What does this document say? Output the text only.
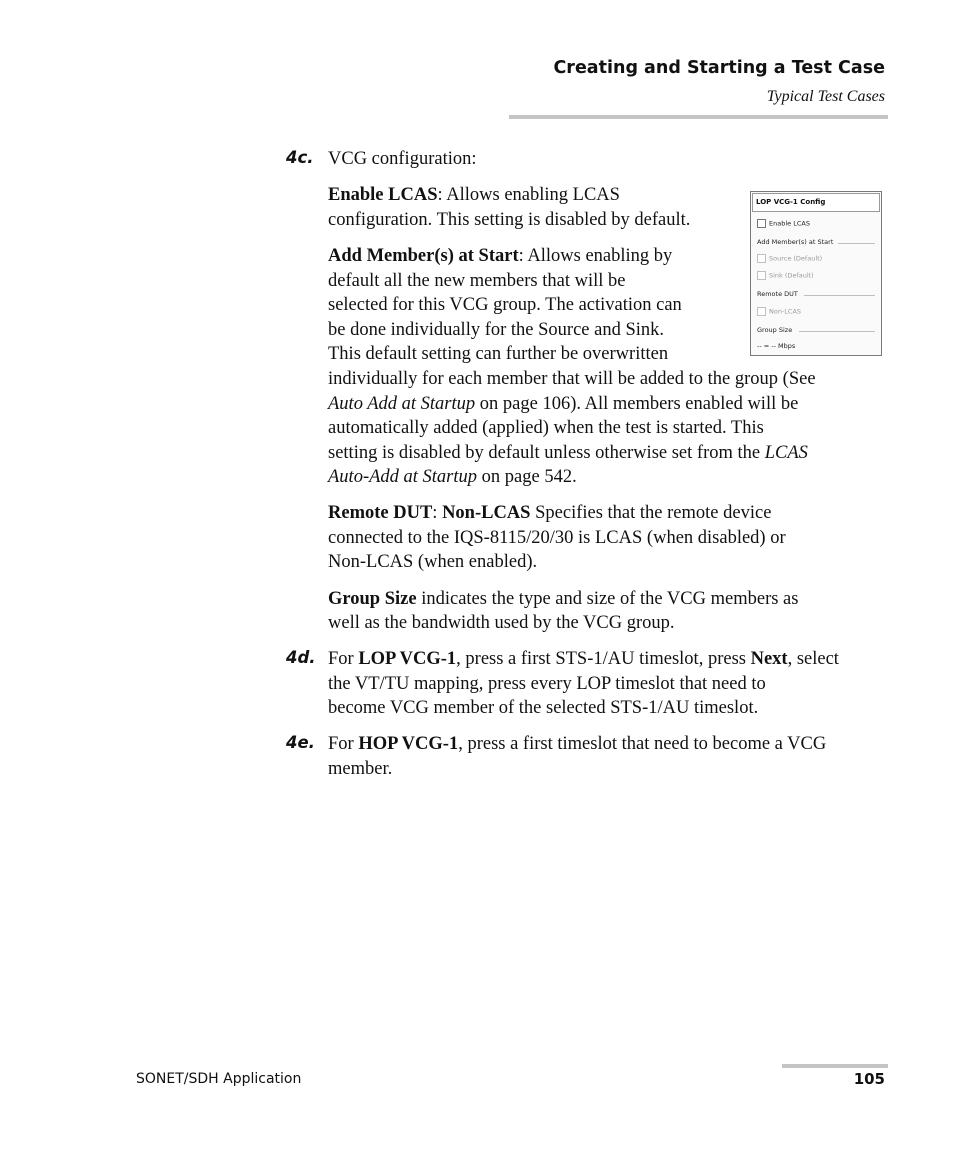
Creating and Starting a Test Case
Typical Test Cases
4c. VCG configuration:

Enable LCAS: Allows enabling LCAS

configuration. This setting is disabled by default.

Add Member(s) at Start: Allows enabling by

default all the new members that will be

selected for this VCG group. The activation can

be done individually for the Source and Sink.

This default setting can further be overwritten

individually for each member that will be added to the group (See

Auto Add at Startup on page 106). All members enabled will be

automatically added (applied) when the test is started. This

setting is disabled by default unless otherwise set from the LCAS

Auto-Add at Startup on page 542.

Remote DUT: Non-LCAS Specifies that the remote device

connected to the IQS-8115/20/30 is LCAS (when disabled) or

Non-LCAS (when enabled).

Group Size indicates the type and size of the VCG members as

well as the bandwidth used by the VCG group.

4d. For LOP VCG-1, press a first STS-1/AU timeslot, press Next, select

the VT/TU mapping, press every LOP timeslot that need to

become VCG member of the selected STS-1/AU timeslot.

4e. For HOP VCG-1, press a first timeslot that need to become a VCG

member.

LOP VCG-1 Config
Enable LCAS
Add Member(s) at Start
Source (Default)
Sink (Default)
Remote DUT
Non-LCAS
Group Size
-- = -- Mbps
SONET/SDH Application	105
